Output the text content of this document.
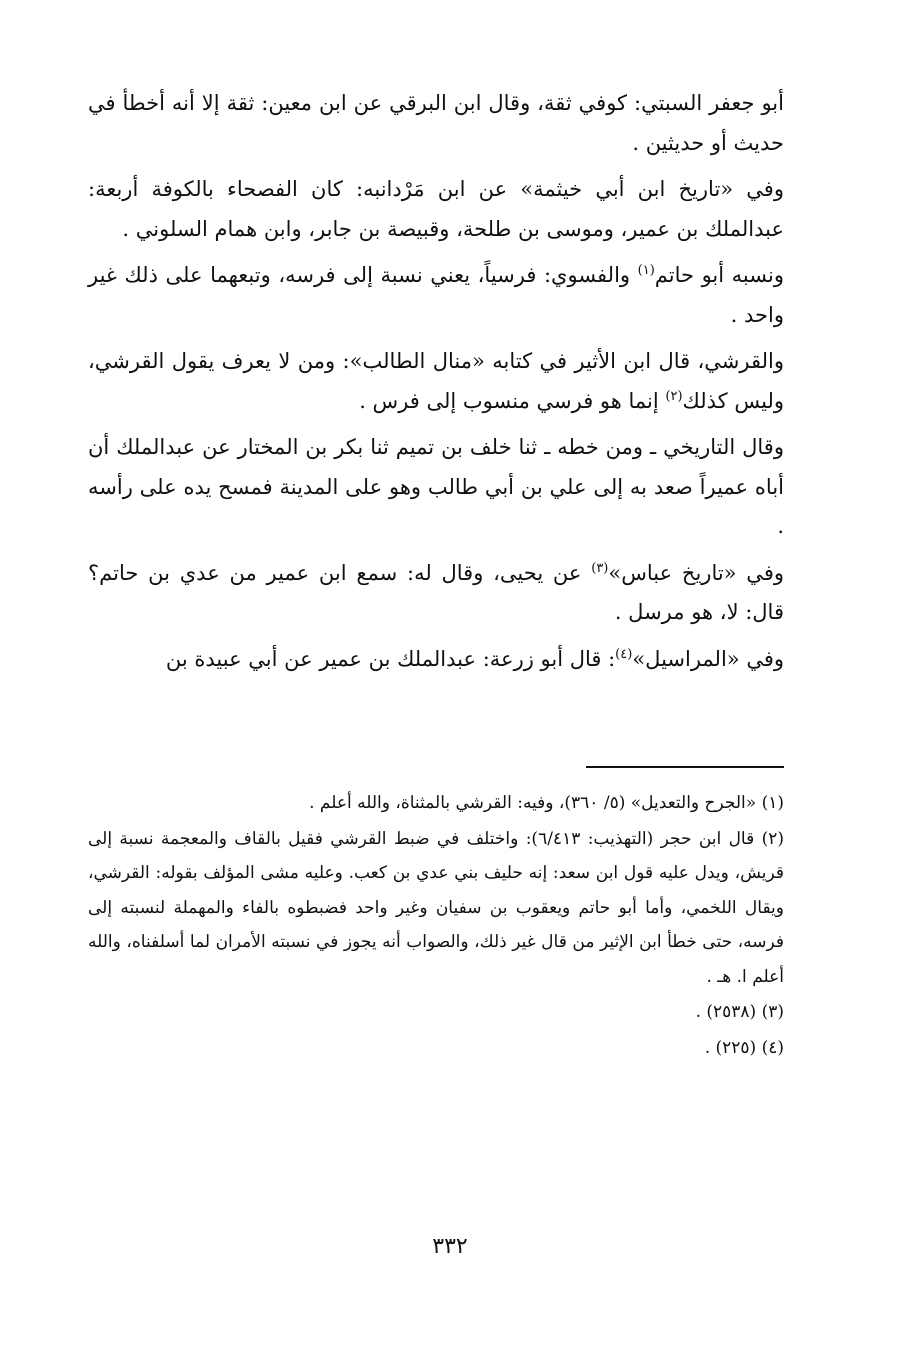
أبو جعفر السبتي: كوفي ثقة، وقال ابن البرقي عن ابن معين: ثقة إلا أنه أخطأ في حديث أو حديثين .

وفي «تاريخ ابن أبي خيثمة» عن ابن مَرْدانبه: كان الفصحاء بالكوفة أربعة: عبدالملك بن عمير، وموسى بن طلحة، وقبيصة بن جابر، وابن همام السلوني .

ونسبه أبو حاتم$^{(١)}$ والفسوي: فرسياً، يعني نسبة إلى فرسه، وتبعهما على ذلك غير واحد .

والقرشي، قال ابن الأثير في كتابه «منال الطالب»: ومن لا يعرف يقول القرشي، وليس كذلك$^{(٢)}$ إنما هو فرسي منسوب إلى فرس .

وقال التاريخي ـ ومن خطه ـ ثنا خلف بن تميم ثنا بكر بن المختار عن عبدالملك أن أباه عميراً صعد به إلى علي بن أبي طالب وهو على المدينة فمسح يده على رأسه .

وفي «تاريخ عباس»$^{(٣)}$ عن يحيى، وقال له: سمع ابن عمير من عدي بن حاتم؟ قال: لا، هو مرسل .

وفي «المراسيل»$^{(٤)}$: قال أبو زرعة: عبدالملك بن عمير عن أبي عبيدة بن

(١) «الجرح والتعديل» (٥/ ٣٦٠)، وفيه: القرشي بالمثناة، والله أعلم .

(٢) قال ابن حجر (التهذيب: ٦/٤١٣): واختلف في ضبط القرشي فقيل بالقاف والمعجمة نسبة إلى قريش، ويدل عليه قول ابن سعد: إنه حليف بني عدي بن كعب. وعليه مشى المؤلف بقوله: القرشي، ويقال اللخمي، وأما أبو حاتم ويعقوب بن سفيان وغير واحد فضبطوه بالفاء والمهملة لنسبته إلى فرسه، حتى خطأ ابن الإثير من قال غير ذلك، والصواب أنه يجوز في نسبته الأمران لما أسلفناه، والله أعلم ا. هـ .

(٣) (٢٥٣٨) .

(٤) (٢٢٥) .

٣٣٢
